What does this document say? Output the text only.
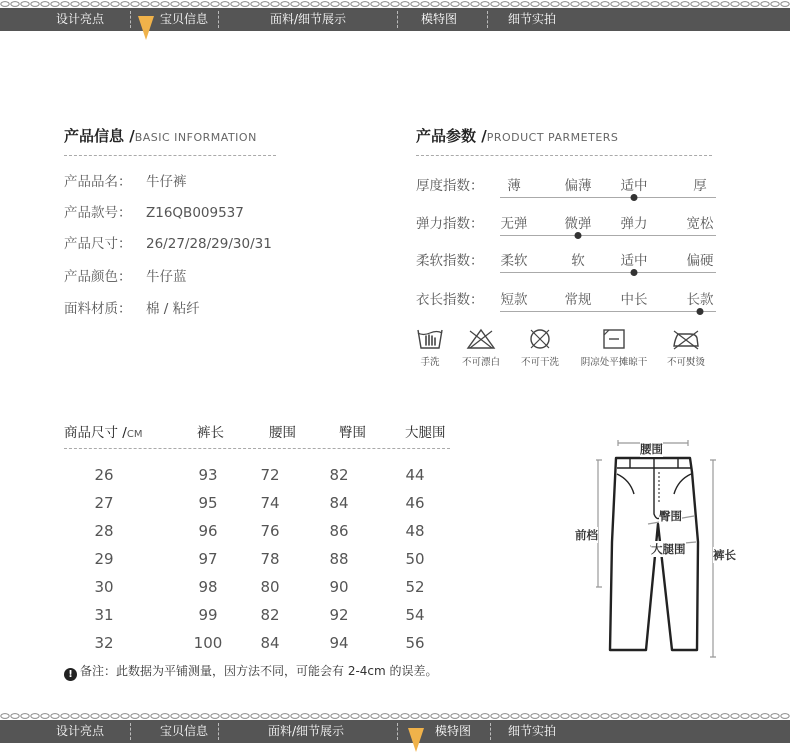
设计亮点	宝贝信息	面料/细节展示	模特图	细节实拍
产品信息 /BASIC INFORMATION
产品品名： 牛仔裤
产品款号： Z16QB009537
产品尺寸： 26/27/28/29/30/31
产品颜色： 牛仔蓝
面料材质： 棉 / 粘纤
产品参数 /PRODUCT PARMETERS
厚度指数： 薄	偏薄 适中	厚
弹力指数： 无弹	微弹 弹力	宽松
柔软指数： 柔软	软	适中	偏硬
衣长指数： 短款	常规 中长	长款
手洗	不可漂白	不可干洗	阴凉处平摊晾干	不可熨烫
商品尺寸 /CM	裤长	腰围	臀围	大腿围
26	93	72	82	44
27	95	74	84	46
28	96	76	86	48
29	97	78	88	50
30	98	80	90	52
31	99	82	92	54
32	100	84	94	56
! 备注：此数据为平铺测量，因方法不同，可能会有 2-4cm 的误差。
腰围
臀围
前档
大腿围 裤长
设计亮点	宝贝信息	面料/细节展示	模特图	细节实拍
